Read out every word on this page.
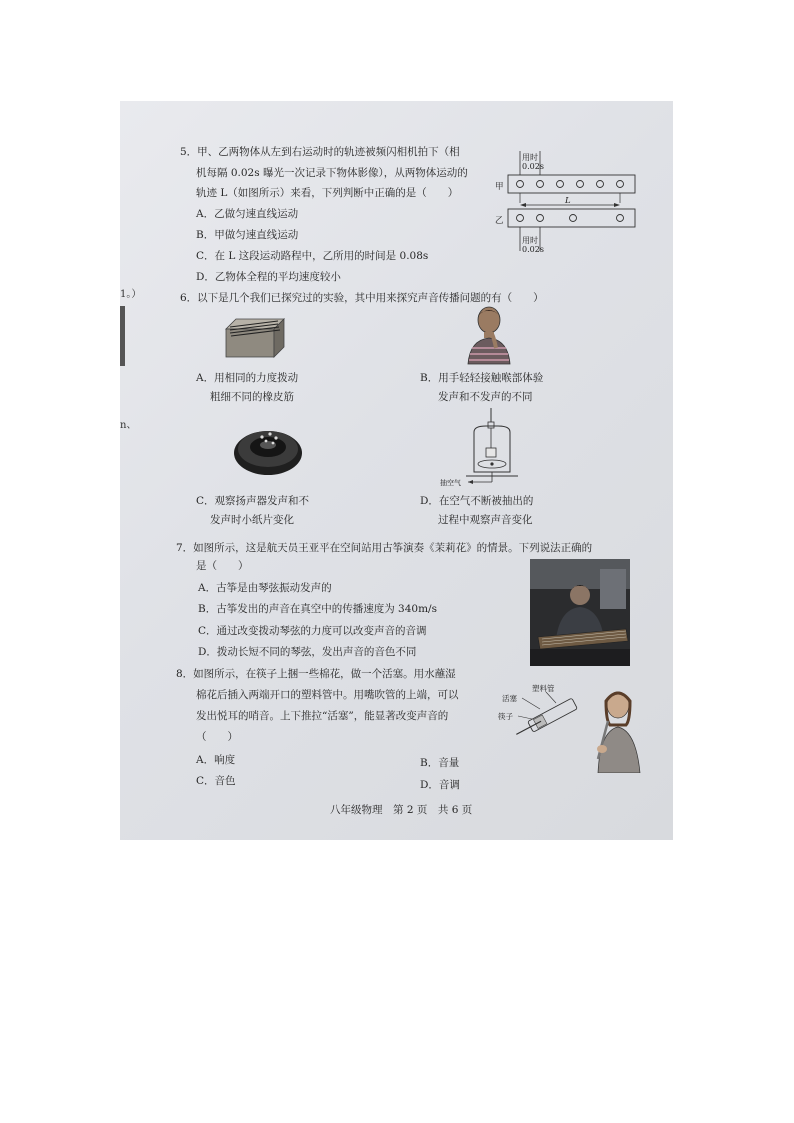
5．甲、乙两物体从左到右运动时的轨迹被频闪相机拍下（相
机每隔 0.02s 曝光一次记录下物体影像），从两物体运动的
轨迹 L（如图所示）来看，下列判断中正确的是（　　）
A．乙做匀速直线运动
B．甲做匀速直线运动
C．在 L 这段运动路程中，乙所用的时间是 0.08s
D．乙物体全程的平均速度较小
用时
0.02s
甲
L
乙
用时
0.02s
6．以下是几个我们已探究过的实验，其中用来探究声音传播问题的有（　　）
A．用相同的力度拨动
粗细不同的橡皮筋
B．用手轻轻接触喉部体验
发声和不发声的不同
C．观察扬声器发声和不
发声时小纸片变化
抽空气
D．在空气不断被抽出的
过程中观察声音变化
7．如图所示，这是航天员王亚平在空间站用古筝演奏《茉莉花》的情景。下列说法正确的
是（　　）
A．古筝是由琴弦振动发声的
B．古筝发出的声音在真空中的传播速度为 340m/s
C．通过改变拨动琴弦的力度可以改变声音的音调
D．拨动长短不同的琴弦，发出声音的音色不同
8．如图所示，在筷子上捆一些棉花，做一个活塞。用水蘸湿
棉花后插入两端开口的塑料管中。用嘴吹管的上端，可以
发出悦耳的哨音。上下推拉“活塞”，能显著改变声音的
（　　）
A．响度	B．音量
C．音色	D．音调
塑料管
活塞
筷子
八年级物理　第 2 页　共 6 页
1。）
n、
